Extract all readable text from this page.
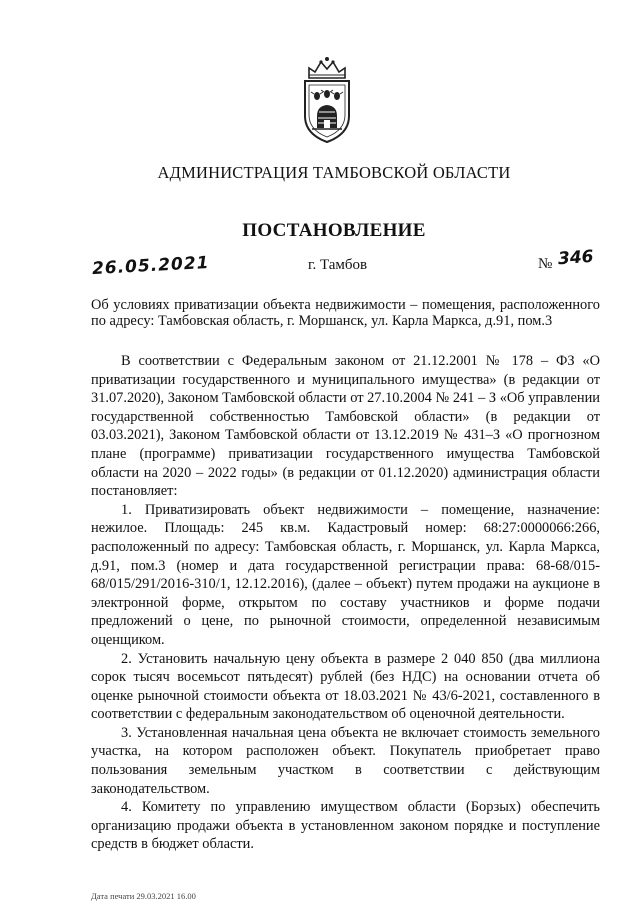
АДМИНИСТРАЦИЯ ТАМБОВСКОЙ ОБЛАСТИ
ПОСТАНОВЛЕНИЕ
26.05.2021	г. Тамбов	№ 346
Об условиях приватизации объекта недвижимости – помещения, расположенного по адресу: Тамбовская область, г. Моршанск, ул. Карла Маркса, д.91, пом.3

В соответствии с Федеральным законом от 21.12.2001 № 178 – ФЗ «О приватизации государственного и муниципального имущества» (в редакции от 31.07.2020), Законом Тамбовской области от 27.10.2004 № 241 – З «Об управлении государственной собственностью Тамбовской области» (в редакции от 03.03.2021), Законом Тамбовской области от 13.12.2019 № 431–З «О прогнозном плане (программе) приватизации государственного имущества Тамбовской области на 2020 – 2022 годы» (в редакции от 01.12.2020) администрация области постановляет:

1. Приватизировать объект недвижимости – помещение, назначение: нежилое. Площадь: 245 кв.м. Кадастровый номер: 68:27:0000066:266, расположенный по адресу: Тамбовская область, г. Моршанск, ул. Карла Маркса, д.91, пом.3 (номер и дата государственной регистрации права: 68-68/015-68/015/291/2016-310/1, 12.12.2016), (далее – объект) путем продажи на аукционе в электронной форме, открытом по составу участников и форме подачи предложений о цене, по рыночной стоимости, определенной независимым оценщиком.

2. Установить начальную цену объекта в размере 2 040 850 (два миллиона сорок тысяч восемьсот пятьдесят) рублей (без НДС) на основании отчета об оценке рыночной стоимости объекта от 18.03.2021 № 43/6-2021, составленного в соответствии с федеральным законодательством об оценочной деятельности.

3. Установленная начальная цена объекта не включает стоимость земельного участка, на котором расположен объект. Покупатель приобретает право пользования земельным участком в соответствии с действующим законодательством.

4. Комитету по управлению имуществом области (Борзых) обеспечить организацию продажи объекта в установленном законом порядке и поступление средств в бюджет области.

Дата печати 29.03.2021 16.00
